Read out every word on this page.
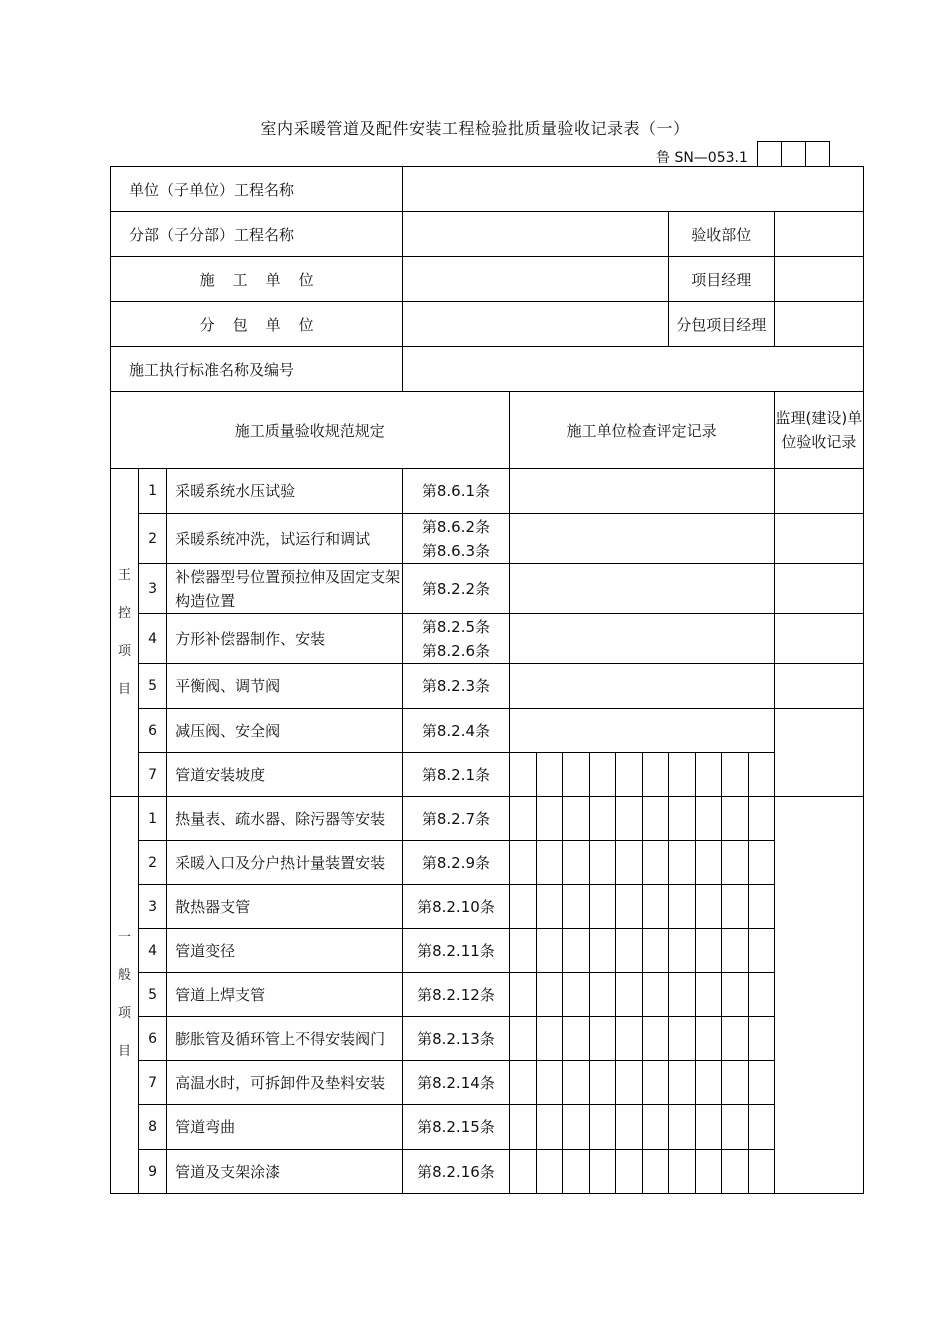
室内采暖管道及配件安装工程检验批质量验收记录表（一）
鲁 SN—053.1

单位（子单位）工程名称														
分部（子分部）工程名称										验收部位				
施工单位										项目经理				
分包单位										分包项目经理				
施工执行标准名称及编号														
施工质量验收规范规定				施工单位检查评定记录										监理(建设)单位验收记录

王
控
项
目	1	采暖系统水压试验	第8.6.1条											

	2	采暖系统冲洗，试运行和调试	第8.6.2条
第8.6.3条											

	3	补偿器型号位置预拉伸及固定支架构造位置	第8.2.2条											

	4	方形补偿器制作、安装	第8.2.5条
第8.2.6条											

	5	平衡阀、调节阀	第8.2.3条											

	6	减压阀、安全阀	第8.2.4条											

	7	管道安装坡度	第8.2.1条											

一
般
项
目	1	热量表、疏水器、除污器等安装	第8.2.7条											

	2	采暖入口及分户热计量装置安装	第8.2.9条											

	3	散热器支管	第8.2.10条											

	4	管道变径	第8.2.11条											

	5	管道上焊支管	第8.2.12条											

	6	膨胀管及循环管上不得安装阀门	第8.2.13条											

	7	高温水时，可拆卸件及垫料安装	第8.2.14条											

	8	管道弯曲	第8.2.15条											

	9	管道及支架涂漆	第8.2.16条											
